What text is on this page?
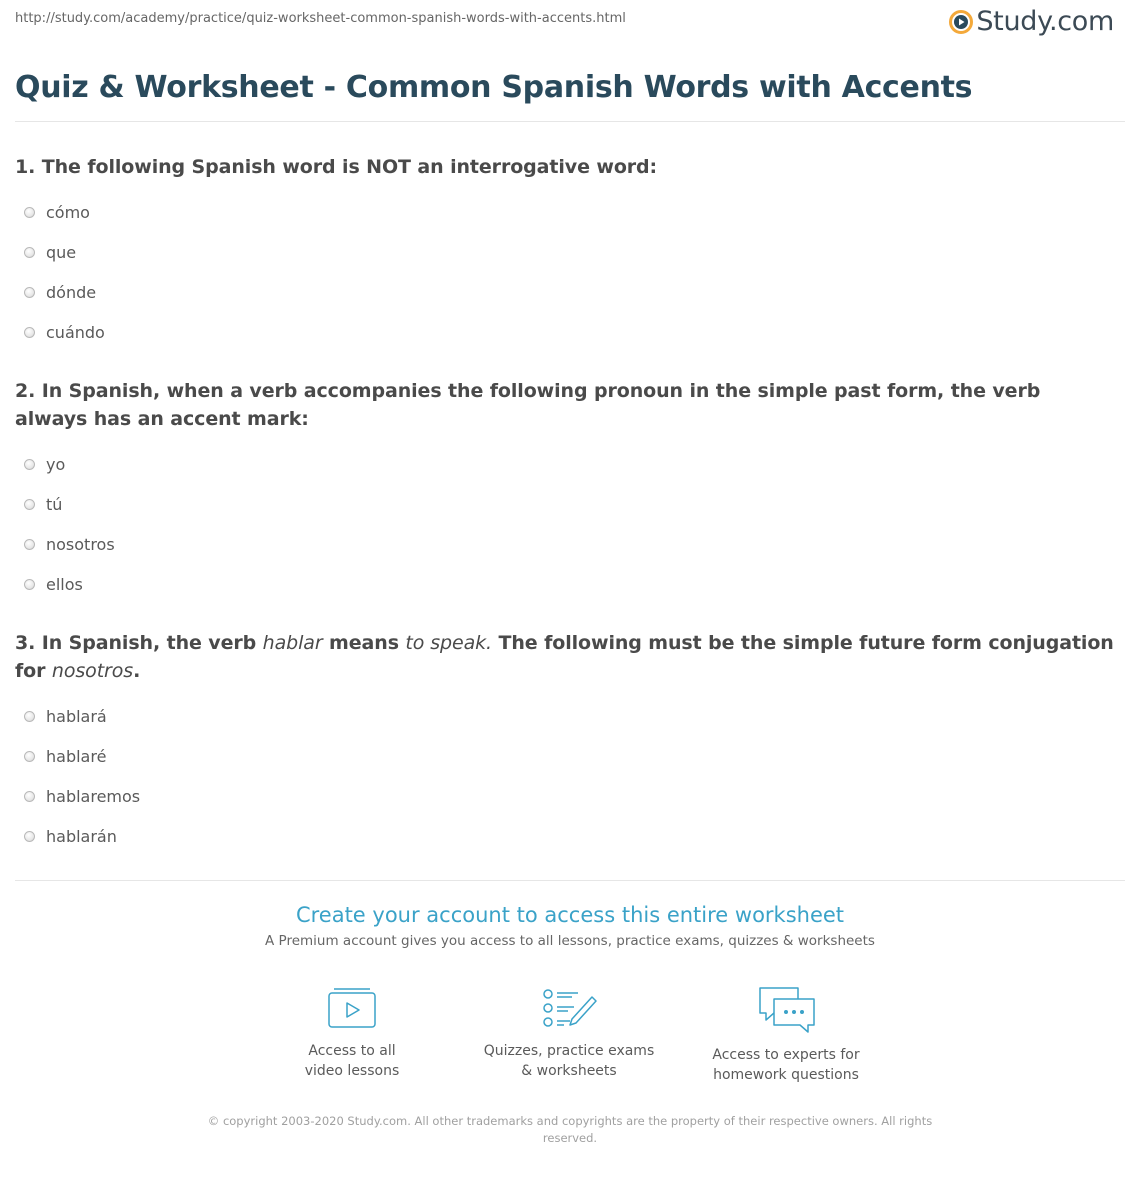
http://study.com/academy/practice/quiz-worksheet-common-spanish-words-with-accents.html	Study.com
Quiz & Worksheet - Common Spanish Words with Accents
1. The following Spanish word is NOT an interrogative word:
cómo
que
dónde
cuándo
2. In Spanish, when a verb accompanies the following pronoun in the simple past form, the verb always has an accent mark:
yo
tú
nosotros
ellos
3. In Spanish, the verb hablar means to speak. The following must be the simple future form conjugation for nosotros.
hablará
hablaré
hablaremos
hablarán
Create your account to access this entire worksheet
A Premium account gives you access to all lessons, practice exams, quizzes & worksheets
Access to all
video lessons
Quizzes, practice exams
& worksheets
Access to experts for
homework questions
© copyright 2003-2020 Study.com. All other trademarks and copyrights are the property of their respective owners. All rights
reserved.
